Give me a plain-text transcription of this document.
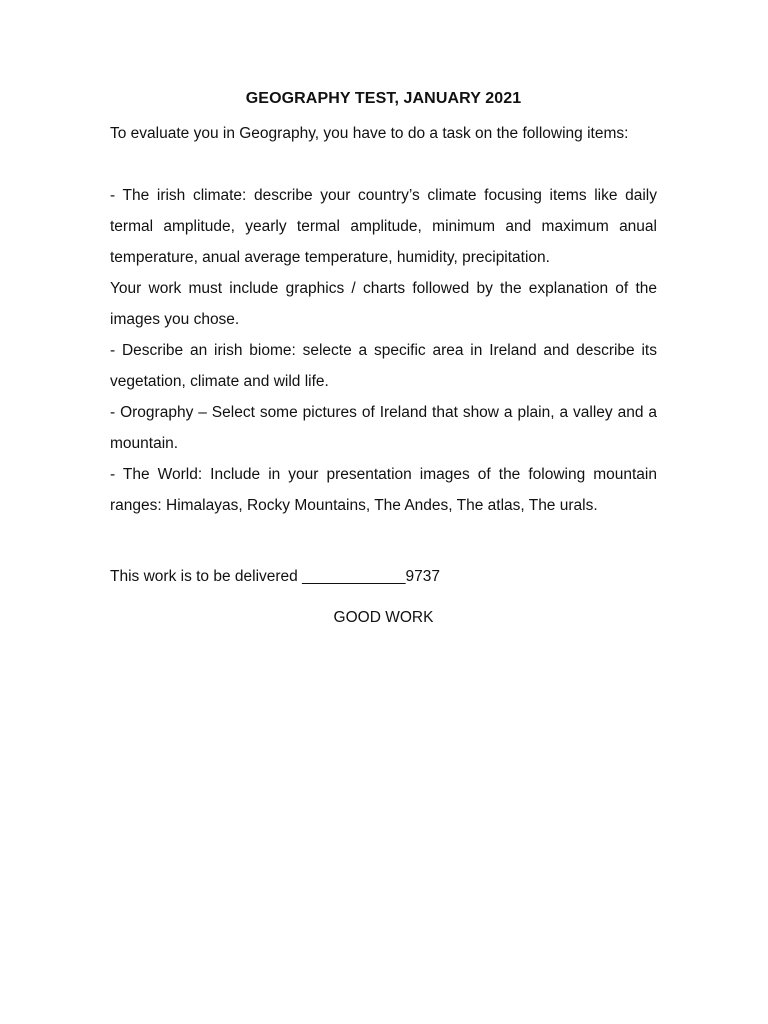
GEOGRAPHY TEST, JANUARY 2021

To evaluate you in Geography, you have to do a task on the following items:

- The irish climate: describe your country’s climate focusing items like daily termal amplitude, yearly termal amplitude, minimum and maximum anual temperature, anual average temperature, humidity, precipitation.

Your work must include graphics / charts followed by the explanation of the images you chose.

- Describe an irish biome: selecte a specific area in Ireland and describe its vegetation, climate and wild life.

- Orography – Select some pictures of Ireland that show a plain, a valley and a mountain.

- The World: Include in your presentation images of the folowing mountain ranges: Himalayas, Rocky Mountains, The Andes, The atlas, The urals.

This work is to be delivered ____________9737

GOOD WORK
